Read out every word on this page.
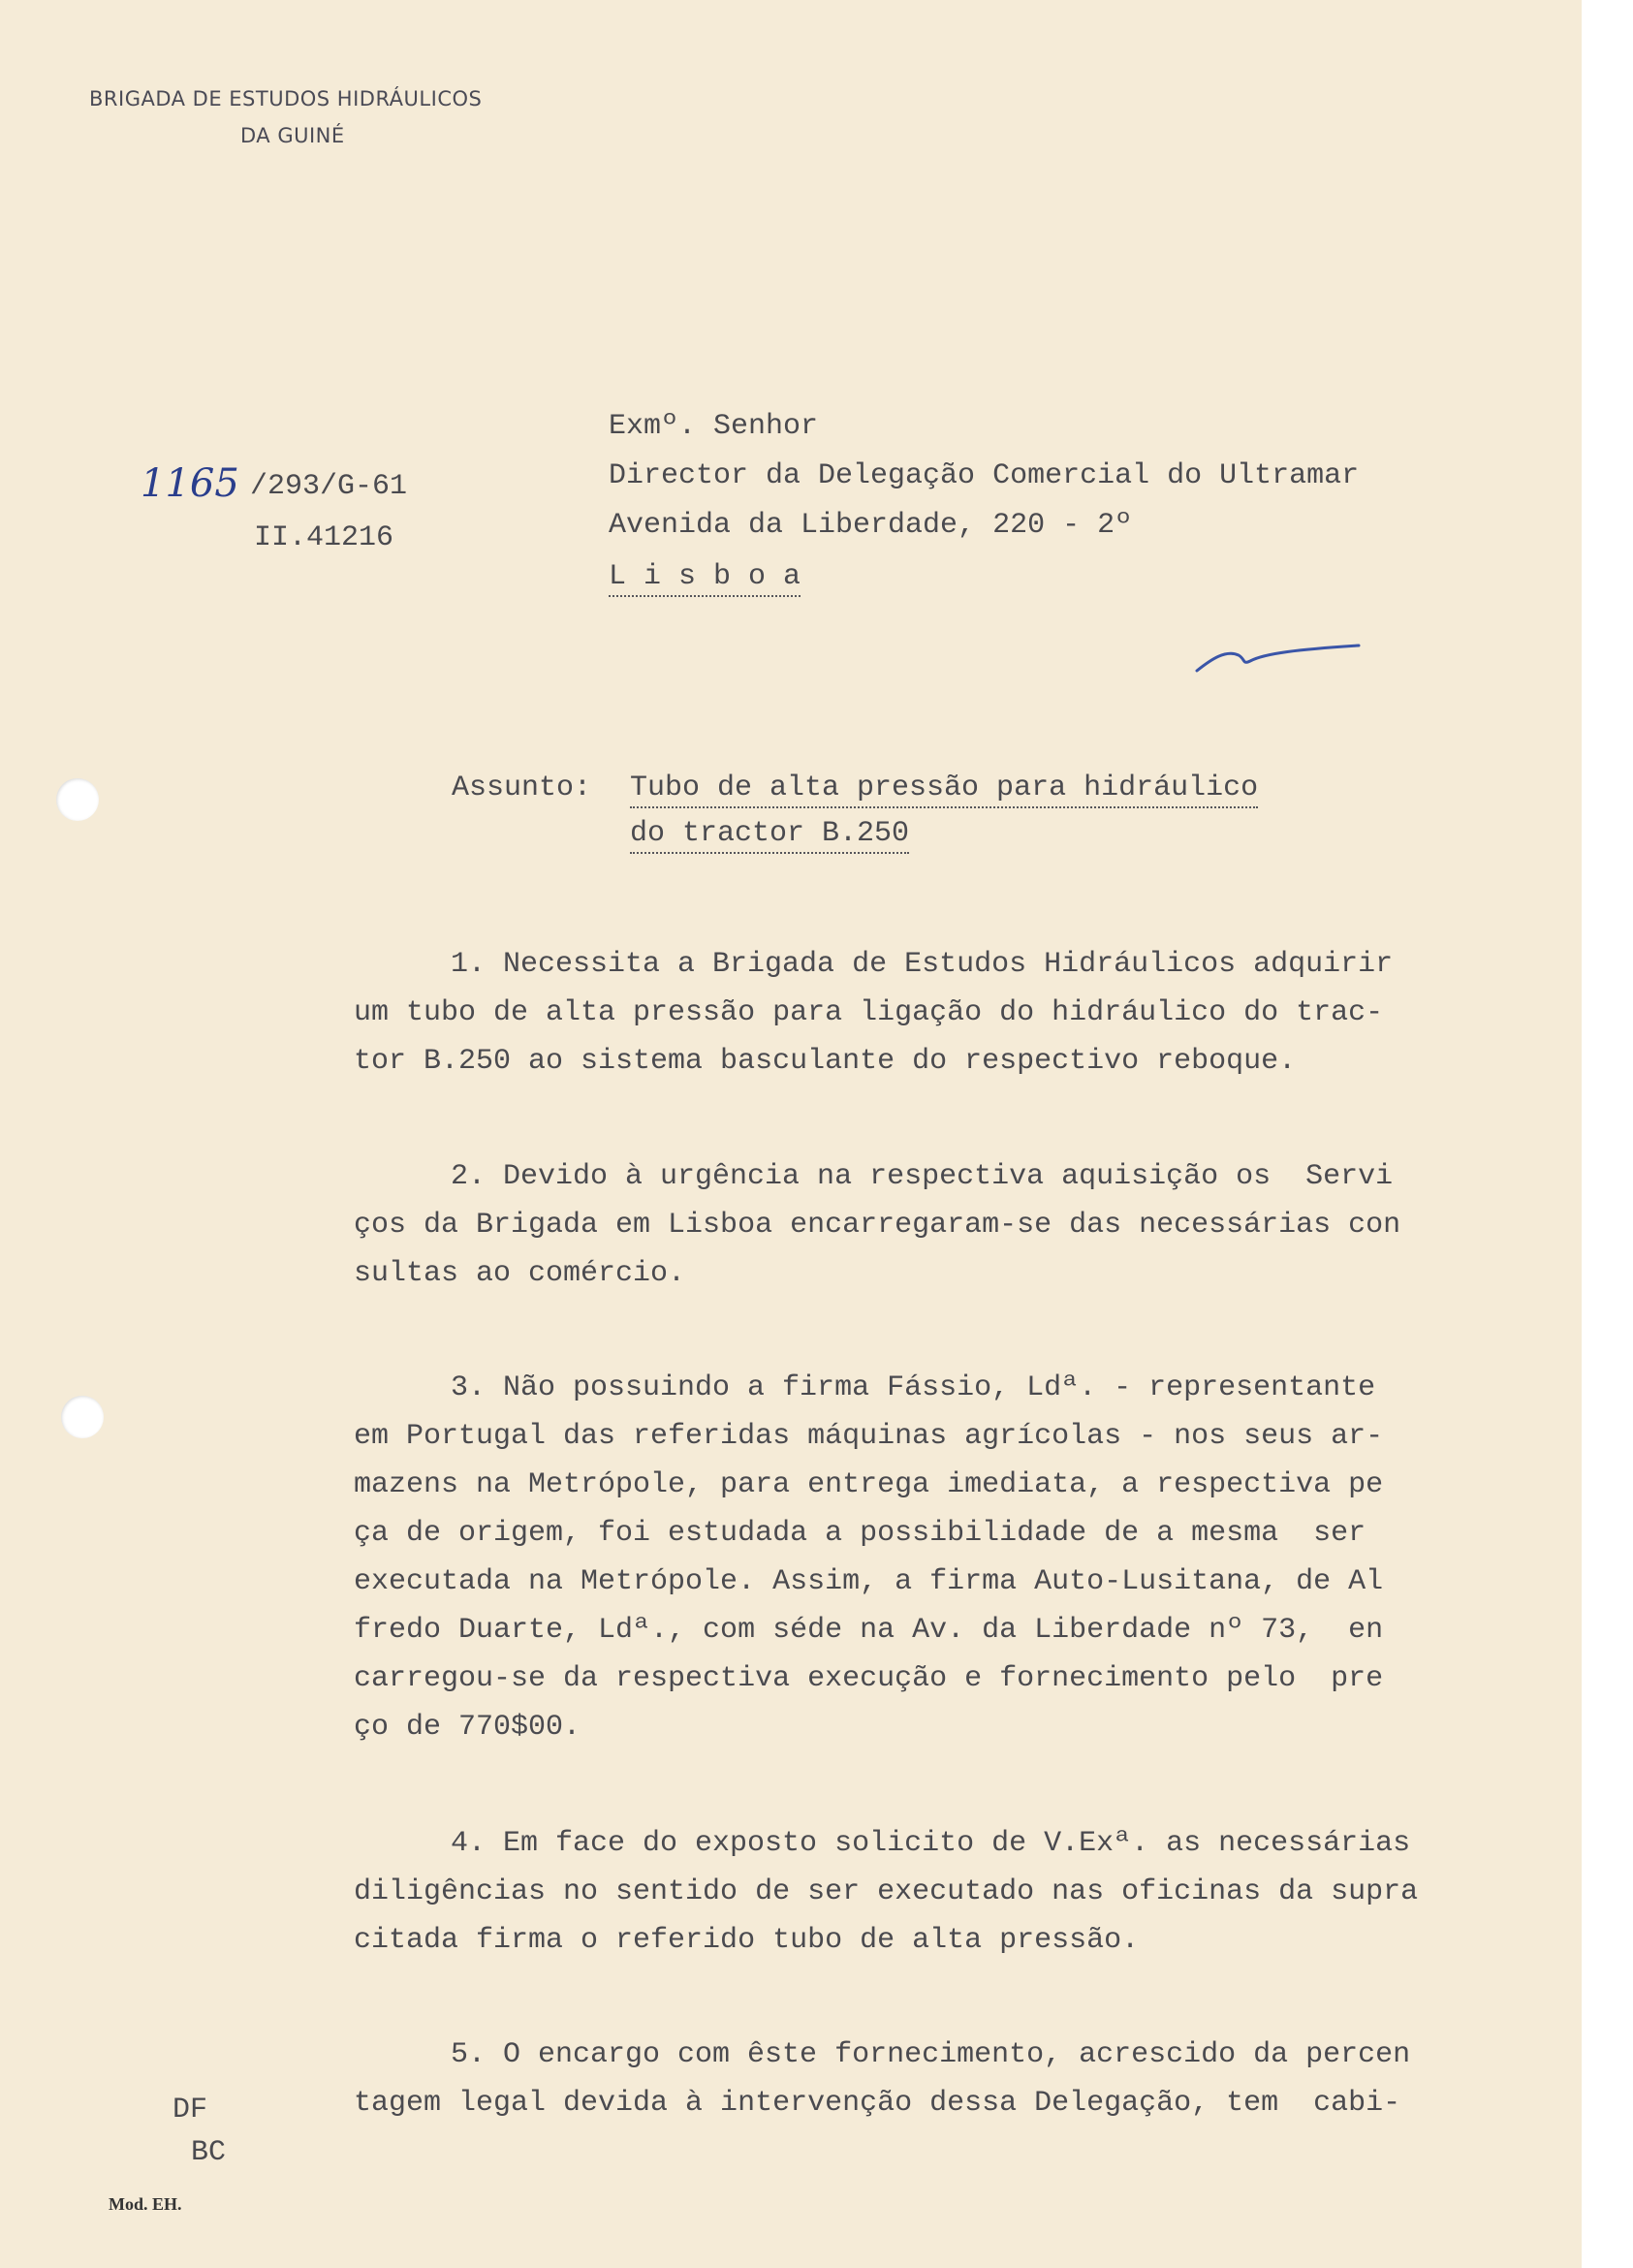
BRIGADA DE ESTUDOS HIDRÁULICOS
DA GUINÉ
1165 /293/G-61
II.41216
Exmº. Senhor
Director da Delegação Comercial do Ultramar
Avenida da Liberdade, 220 - 2º
L i s b o a
Assunto: Tubo de alta pressão para hidráulico
do tractor B.250
1. Necessita a Brigada de Estudos Hidráulicos adquirir
um tubo de alta pressão para ligação do hidráulico do trac-
tor B.250 ao sistema basculante do respectivo reboque.
2. Devido à urgência na respectiva aquisição os  Servi
ços da Brigada em Lisboa encarregaram-se das necessárias con
sultas ao comércio.
3. Não possuindo a firma Fássio, Ldª. - representante
em Portugal das referidas máquinas agrícolas - nos seus ar-
mazens na Metrópole, para entrega imediata, a respectiva pe
ça de origem, foi estudada a possibilidade de a mesma  ser
executada na Metrópole. Assim, a firma Auto-Lusitana, de Al
fredo Duarte, Ldª., com séde na Av. da Liberdade nº 73,  en
carregou-se da respectiva execução e fornecimento pelo  pre
ço de 770$00.
4. Em face do exposto solicito de V.Exª. as necessárias
diligências no sentido de ser executado nas oficinas da supra
citada firma o referido tubo de alta pressão.
5. O encargo com êste fornecimento, acrescido da percen
tagem legal devida à intervenção dessa Delegação, tem  cabi-
DF
BC
Mod. EH.
